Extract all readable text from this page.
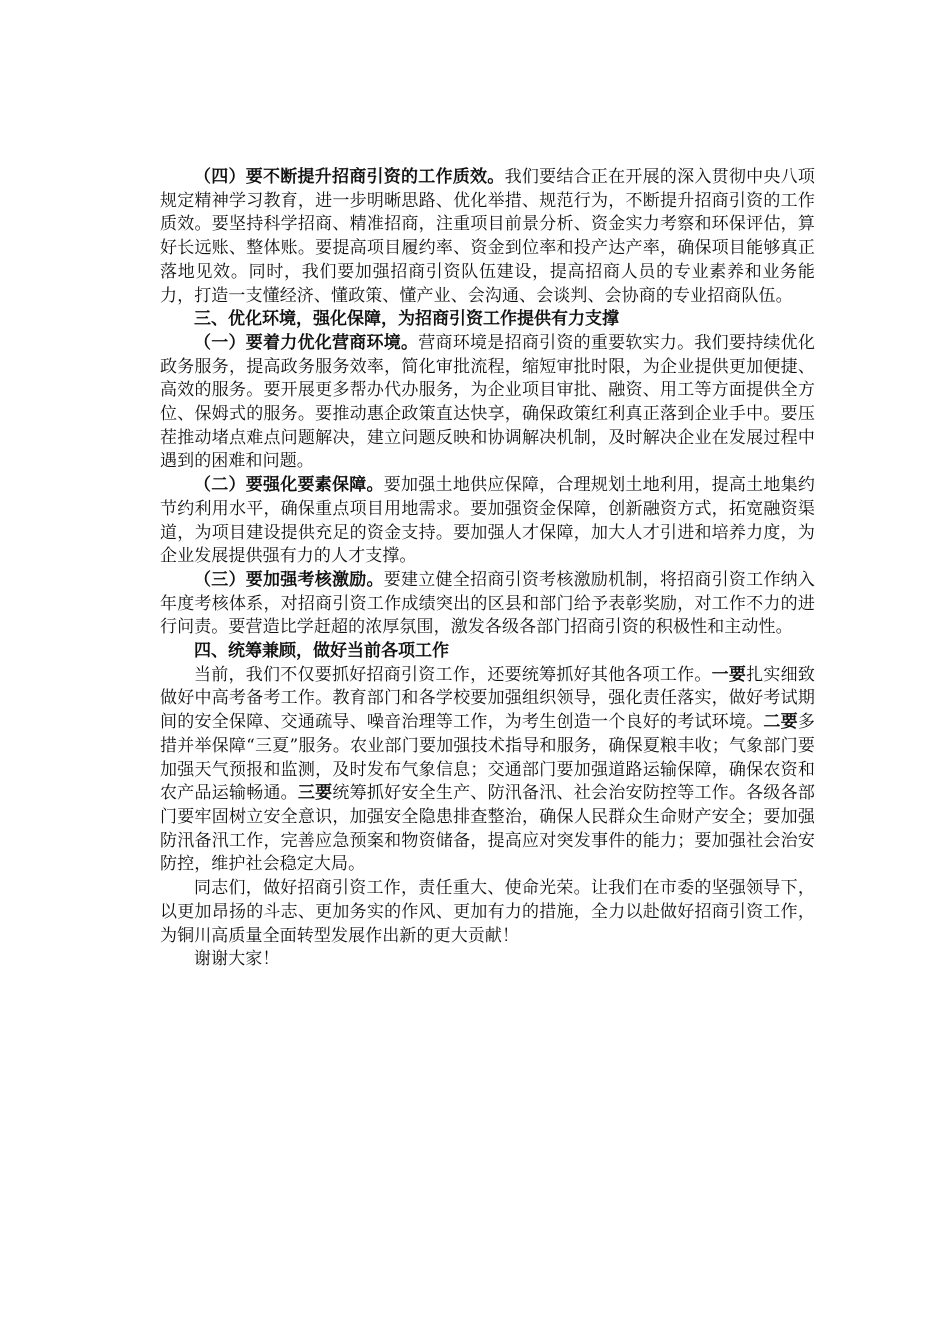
（四）要不断提升招商引资的工作质效。我们要结合正在开展的深入贯彻中央八项规定精神学习教育，进一步明晰思路、优化举措、规范行为，不断提升招商引资的工作质效。要坚持科学招商、精准招商，注重项目前景分析、资金实力考察和环保评估，算好长远账、整体账。要提高项目履约率、资金到位率和投产达产率，确保项目能够真正落地见效。同时，我们要加强招商引资队伍建设，提高招商人员的专业素养和业务能力，打造一支懂经济、懂政策、懂产业、会沟通、会谈判、会协商的专业招商队伍。

三、优化环境，强化保障，为招商引资工作提供有力支撑

（一）要着力优化营商环境。营商环境是招商引资的重要软实力。我们要持续优化政务服务，提高政务服务效率，简化审批流程，缩短审批时限，为企业提供更加便捷、高效的服务。要开展更多帮办代办服务，为企业项目审批、融资、用工等方面提供全方位、保姆式的服务。要推动惠企政策直达快享，确保政策红利真正落到企业手中。要压茬推动堵点难点问题解决，建立问题反映和协调解决机制，及时解决企业在发展过程中遇到的困难和问题。

（二）要强化要素保障。要加强土地供应保障，合理规划土地利用，提高土地集约节约利用水平，确保重点项目用地需求。要加强资金保障，创新融资方式，拓宽融资渠道，为项目建设提供充足的资金支持。要加强人才保障，加大人才引进和培养力度，为企业发展提供强有力的人才支撑。

（三）要加强考核激励。要建立健全招商引资考核激励机制，将招商引资工作纳入年度考核体系，对招商引资工作成绩突出的区县和部门给予表彰奖励，对工作不力的进行问责。要营造比学赶超的浓厚氛围，激发各级各部门招商引资的积极性和主动性。

四、统筹兼顾，做好当前各项工作

当前，我们不仅要抓好招商引资工作，还要统筹抓好其他各项工作。一要扎实细致做好中高考备考工作。教育部门和各学校要加强组织领导，强化责任落实，做好考试期间的安全保障、交通疏导、噪音治理等工作，为考生创造一个良好的考试环境。二要多措并举保障“三夏”服务。农业部门要加强技术指导和服务，确保夏粮丰收；气象部门要加强天气预报和监测，及时发布气象信息；交通部门要加强道路运输保障，确保农资和农产品运输畅通。三要统筹抓好安全生产、防汛备汛、社会治安防控等工作。各级各部门要牢固树立安全意识，加强安全隐患排查整治，确保人民群众生命财产安全；要加强防汛备汛工作，完善应急预案和物资储备，提高应对突发事件的能力；要加强社会治安防控，维护社会稳定大局。

同志们，做好招商引资工作，责任重大、使命光荣。让我们在市委的坚强领导下，以更加昂扬的斗志、更加务实的作风、更加有力的措施，全力以赴做好招商引资工作，为铜川高质量全面转型发展作出新的更大贡献！

谢谢大家！
